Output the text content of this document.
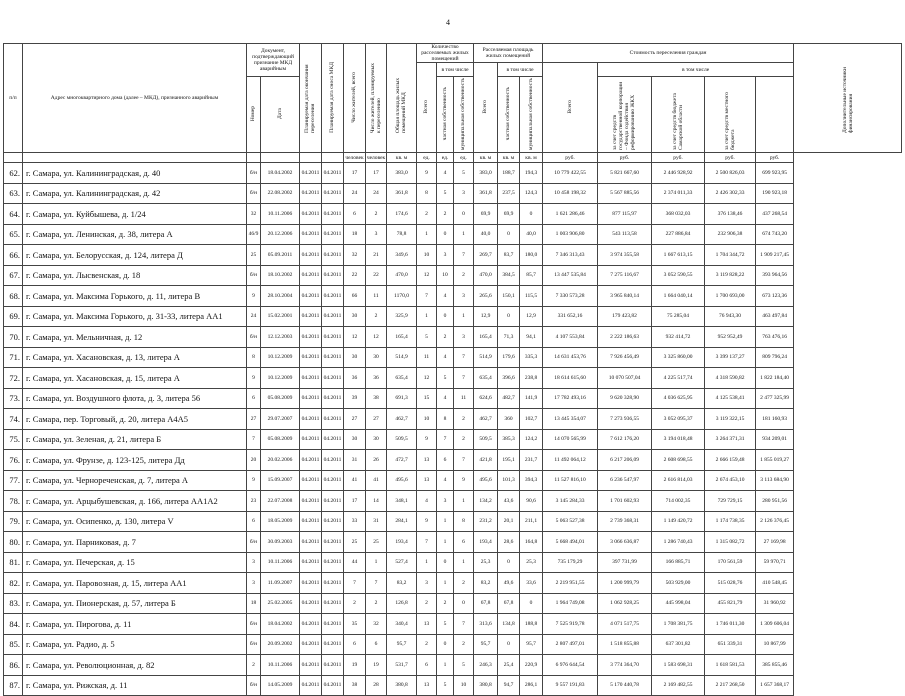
4
п/п	Адрес многоквартирного дома (далее – МКД), признанного аварийным	Документ, подтверждающий признание МКД аварийным		Планируемая дата окончания переселения	Планируемая дата сноса МКД	Число жителей, всего	Число жителей, планируемых к переселению	Общая площадь жилых помещений МКД	Количество расселяемых жилых помещений			Расселяемая площадь жилых помещений			Стоимость переселения граждан					Дополнительные источники финансирования
									Всего	в том числе		Всего	в том числе		Всего	в том числе				
		Номер	Дата							частная собственность	муниципальная собственность		частная собственность	муниципальная собственность		за счет средств государственной корпорации – Фонда содействия реформированию ЖКХ	за счет средств бюджета Самарской области	за счет средств местного бюджета		
						человек	человек	кв. м	ед.	ед.	ед.	кв. м	кв. м	кв. м	руб.	руб.	руб.	руб.	руб.	
62.	г. Самара, ул. Калининградская, д. 40	б/н	18.04.2002	04.2011	04.2011	17	17	383,0	9	4	5	383,0	188,7	194,3	10 779 422,55	5 821 667,60	2 446 928,92	2 500 826,03	699 923,95	
63.	г. Самара, ул. Калининградская, д. 42	б/н	22.08.2002	04.2011	04.2011	24	24	361,8	8	5	3	361,8	237,5	124,3	10 458 198,32	5 567 885,56	2 374 011,33	2 426 302,33	190 923,18	
64.	г. Самара, ул. Куйбышева, д. 1/24	32	10.11.2006	04.2011	04.2011	6	2	174,6	2	2	0	69,9	69,9	0	1 621 286,46	877 115,97	368 032,03	376 138,46	437 268,54	
65.	г. Самара, ул. Ленинская, д. 38, литера А	46/9	20.12.2006	04.2011	04.2011	18	3	78,8	1	0	1	40,0	0	40,0	1 003 906,80	543 113,58	227 886,84	232 906,38	674 743,20	
66.	г. Самара, ул. Белорусская, д. 124, литера Д	25	05.09.2011	04.2011	04.2011	32	21	349,6	10	3	7	269,7	83,7	180,0	7 346 313,43	3 974 355,58	1 667 613,15	1 704 344,72	1 909 217,45	
67.	г. Самара, ул. Лысвенская, д. 18	б/н	18.10.2002	04.2011	04.2011	22	22	470,0	12	10	2	470,0	384,5	85,7	13 447 535,84	7 275 116,67	3 052 590,55	3 119 828,22	393 964,56	
68.	г. Самара, ул. Максима Горького, д. 11, литера В	9	28.10.2004	04.2011	04.2011	66	11	1170,0	7	4	3	265,6	150,1	115,5	7 330 573,28	3 965 840,14	1 664 040,14	1 700 693,00	673 123,36	
69.	г. Самара, ул. Максима Горького, д. 31-33, литера АА1	24	15.02.2001	04.2011	04.2011	30	2	325,9	1	0	1	12,9	0	12,9	331 652,16	179 423,82	75 285,04	76 943,30	463 497,84	
70.	г. Самара, ул. Мельничная, д. 12	б/н	12.12.2003	04.2011	04.2011	12	12	165,4	5	2	3	165,4	71,3	94,1	4 107 553,84	2 222 186,63	932 414,72	952 952,49	763 476,16	
71.	г. Самара, ул. Хасановская, д. 13, литера А	8	10.12.2009	04.2011	04.2011	30	30	514,9	11	4	7	514,9	179,6	335,3	14 631 453,76	7 926 456,49	3 325 860,00	3 399 137,27	809 796,24	
72.	г. Самара, ул. Хасановская, д. 15, литера А	9	10.12.2009	04.2011	04.2011	36	36	635,4	12	5	7	635,4	396,6	238,8	18 614 615,60	10 070 507,04	4 225 517,74	4 318 590,82	1 822 184,40	
73.	г. Самара, ул. Воздушного флота, д. 3, литера 56	6	05.08.2009	04.2011	04.2011	39	38	691,3	15	4	11	624,6	482,7	141,9	17 782 493,16	9 620 328,90	4 036 625,95	4 125 538,41	2 477 325,99	
74.	г. Самара, пер. Торговый, д. 20, литера А4А5	27	29.07.2007	04.2011	04.2011	27	27	462,7	10	8	2	462,7	360	102,7	13 445 354,07	7 273 936,55	3 052 095,37	3 119 322,15	181 160,93	
75.	г. Самара, ул. Зеленая, д. 21, литера Б	7	05.08.2009	04.2011	04.2011	30	30	509,5	9	7	2	509,5	385,3	124,2	14 070 565,99	7 612 176,20	3 194 018,48	3 264 371,31	934 209,01	
76.	г. Самара, ул. Фрунзе, д. 123-125, литера Дд	20	20.02.2006	04.2011	04.2011	31	26	472,7	13	6	7	421,8	195,1	231,7	11 492 064,12	6 217 206,09	2 608 698,55	2 666 159,48	1 855 019,27	
77.	г. Самара, ул. Чернореченская, д. 7, литера А	9	15.09.2007	04.2011	04.2011	41	41	495,6	13	4	9	495,6	101,3	394,3	11 527 816,10	6 236 547,97	2 616 814,03	2 674 453,10	3 113 684,90	
78.	г. Самара, ул. Арцыбушевская, д. 166, литера АА1А2	23	22.07.2008	04.2011	04.2011	17	14	348,1	4	3	1	134,2	43,6	90,6	3 145 284,33	1 701 602,93	714 002,35	729 729,15	280 951,56	
79.	г. Самара, ул. Осипенко, д. 130, литера V	6	18.05.2009	04.2011	04.2011	33	31	284,1	9	1	8	231,2	20,1	211,1	5 063 527,38	2 739 368,31	1 149 420,72	1 174 738,35	2 126 376,45	
80.	г. Самара, ул. Парниковая, д. 7	б/н	30.09.2003	04.2011	04.2011	25	25	193,4	7	1	6	193,4	28,6	164,8	5 668 494,01	3 066 636,87	1 286 740,43	1 315 082,72	27 169,98	
81.	г. Самара, ул. Печерская, д. 15	3	10.11.2006	04.2011	04.2011	44	1	527,4	1	0	1	25,3	0	25,3	735 179,29	397 731,99	166 885,71	170 561,59	59 970,71	
82.	г. Самара, ул. Паровозная, д. 15, литера АА1	3	11.09.2007	04.2011	04.2011	7	7	83,2	3	1	2	83,2	49,6	33,6	2 219 951,55	1 200 999,79	503 929,00	515 028,76	410 548,45	
83.	г. Самара, ул. Пионерская, д. 57, литера Б	18	25.02.2005	04.2011	04.2011	2	2	126,8	2	2	0	67,8	67,8	0	1 964 749,08	1 062 928,25	445 998,04	455 821,79	31 960,92	
84.	г. Самара, ул. Пирогова, д. 11	б/н	18.04.2002	04.2011	04.2011	35	32	340,4	13	5	7	313,6	134,8	188,8	7 525 919,78	4 071 517,75	1 708 381,75	1 746 011,30	1 309 606,04	
85.	г. Самара, ул. Радио, д. 5	б/н	20.09.2002	04.2011	04.2011	6	6	95,7	2	0	2	95,7	0	95,7	2 807 497,01	1 518 855,88	637 301,82	651 339,31	10 867,99	
86.	г. Самара, ул. Революционная, д. 82	2	10.11.2006	04.2011	04.2011	19	19	531,7	6	1	5	246,3	25,4	220,9	6 976 644,54	3 774 364,70	1 583 698,31	1 618 581,53	385 855,46	
87.	г. Самара, ул. Рижская, д. 11	б/н	14.05.2009	04.2011	04.2011	38	28	380,8	13	5	10	380,8	94,7	286,1	9 557 191,83	5 170 440,78	2 169 482,55	2 217 268,50	1 657 368,17	
